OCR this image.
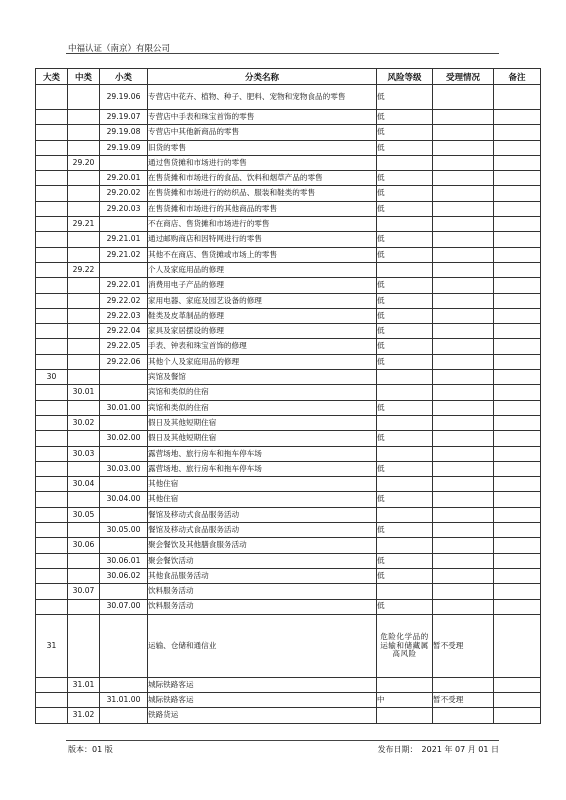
中福认证（南京）有限公司
大类	中类	小类	分类名称	风险等级	受理情况	备注
		29.19.06	专营店中花卉、植物、种子、肥料、宠物和宠物食品的零售	低		
		29.19.07	专营店中手表和珠宝首饰的零售	低		
		29.19.08	专营店中其他新商品的零售	低		
		29.19.09	旧货的零售	低		
	29.20		通过售货摊和市场进行的零售			
		29.20.01	在售货摊和市场进行的食品、饮料和烟草产品的零售	低		
		29.20.02	在售货摊和市场进行的纺织品、服装和鞋类的零售	低		
		29.20.03	在售货摊和市场进行的其他商品的零售	低		
	29.21		不在商店、售货摊和市场进行的零售			
		29.21.01	通过邮购商店和因特网进行的零售	低		
		29.21.02	其他不在商店、售货摊或市场上的零售	低		
	29.22		个人及家庭用品的修理			
		29.22.01	消费用电子产品的修理	低		
		29.22.02	家用电器、家庭及园艺设备的修理	低		
		29.22.03	鞋类及皮革制品的修理	低		
		29.22.04	家具及家居摆设的修理	低		
		29.22.05	手表、钟表和珠宝首饰的修理	低		
		29.22.06	其他个人及家庭用品的修理	低		
30			宾馆及餐馆			
	30.01		宾馆和类似的住宿			
		30.01.00	宾馆和类似的住宿	低		
	30.02		假日及其他短期住宿			
		30.02.00	假日及其他短期住宿	低		
	30.03		露营场地、旅行房车和拖车停车场			
		30.03.00	露营场地、旅行房车和拖车停车场	低		
	30.04		其他住宿			
		30.04.00	其他住宿	低		
	30.05		餐馆及移动式食品服务活动			
		30.05.00	餐馆及移动式食品服务活动	低		
	30.06		聚会餐饮及其他膳食服务活动			
		30.06.01	聚会餐饮活动	低		
		30.06.02	其他食品服务活动	低		
	30.07		饮料服务活动			
		30.07.00	饮料服务活动	低		
31			运输、仓储和通信业	危险化学品的运输和储藏属高风险	暂不受理	
	31.01		城际铁路客运			
		31.01.00	城际铁路客运	中	暂不受理	
	31.02		铁路货运			
版本：01 版	发布日期：　2021 年 07 月 01 日
